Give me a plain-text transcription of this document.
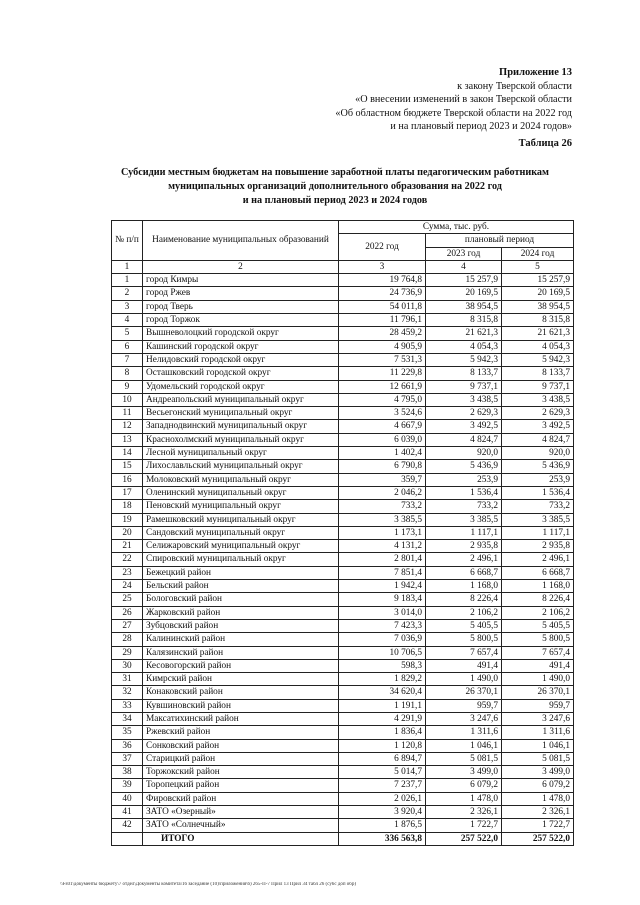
Приложение 13
к закону Тверской области
«О внесении изменений в закон Тверской области
«Об областном бюджете Тверской области на 2022 год
и на плановый период 2023 и 2024 годов»
Таблица 26
Субсидии местным бюджетам на повышение заработной платы педагогическим работникам
муниципальных организаций дополнительного образования на 2022 год
и на плановый период 2023 и 2024 годов
№ п/п	Наименование муниципальных образований	Сумма, тыс. руб.		
		2022 год	плановый период	
			2023 год	2024 год
1	2	3	4	5
1	город Кимры	19 764,8	15 257,9	15 257,9
2	город Ржев	24 736,9	20 169,5	20 169,5
3	город Тверь	54 011,8	38 954,5	38 954,5
4	город Торжок	11 796,1	8 315,8	8 315,8
5	Вышневолоцкий городской округ	28 459,2	21 621,3	21 621,3
6	Кашинский городской округ	4 905,9	4 054,3	4 054,3
7	Нелидовский городской округ	7 531,3	5 942,3	5 942,3
8	Осташковский городской округ	11 229,8	8 133,7	8 133,7
9	Удомельский городской округ	12 661,9	9 737,1	9 737,1
10	Андреапольский муниципальный округ	4 795,0	3 438,5	3 438,5
11	Весьегонский муниципальный округ	3 524,6	2 629,3	2 629,3
12	Западнодвинский муниципальный округ	4 667,9	3 492,5	3 492,5
13	Краснохолмский муниципальный округ	6 039,0	4 824,7	4 824,7
14	Лесной муниципальный округ	1 402,4	920,0	920,0
15	Лихославльский муниципальный округ	6 790,8	5 436,9	5 436,9
16	Молоковский муниципальный округ	359,7	253,9	253,9
17	Оленинский муниципальный округ	2 046,2	1 536,4	1 536,4
18	Пеновский муниципальный округ	733,2	733,2	733,2
19	Рамешковский муниципальный округ	3 385,5	3 385,5	3 385,5
20	Сандовский муниципальный округ	1 173,1	1 117,1	1 117,1
21	Селижаровский муниципальный округ	4 131,2	2 935,8	2 935,8
22	Спировский муниципальный округ	2 801,4	2 496,1	2 496,1
23	Бежецкий район	7 851,4	6 668,7	6 668,7
24	Бельский район	1 942,4	1 168,0	1 168,0
25	Бологовский район	9 183,4	8 226,4	8 226,4
26	Жарковский район	3 014,0	2 106,2	2 106,2
27	Зубцовский район	7 423,3	5 405,5	5 405,5
28	Калининский район	7 036,9	5 800,5	5 800,5
29	Калязинский район	10 706,5	7 657,4	7 657,4
30	Кесовогорский район	598,3	491,4	491,4
31	Кимрский район	1 829,2	1 490,0	1 490,0
32	Конаковский район	34 620,4	26 370,1	26 370,1
33	Кувшиновский район	1 191,1	959,7	959,7
34	Максатихинский район	4 291,9	3 247,6	3 247,6
35	Ржевский район	1 836,4	1 311,6	1 311,6
36	Сонковский район	1 120,8	1 046,1	1 046,1
37	Старицкий район	6 894,7	5 081,5	5 081,5
38	Торжокский район	5 014,7	3 499,0	3 499,0
39	Торопецкий район	7 237,7	6 079,2	6 079,2
40	Фировский район	2 026,1	1 478,0	1 478,0
41	ЗАТО «Озерный»	3 920,4	2 326,1	2 326,1
42	ЗАТО «Солнечный»	1 876,5	1 722,7	1 722,7
	ИТОГО	336 563,8	257 522,0	257 522,0
\\Fs01\документы бюджету\7 отдел\Документы комитета\16 заседание (10)\приложения\6) 265-П-7 Прил 13 Прил 34 табл 26 (субс доп обр)
